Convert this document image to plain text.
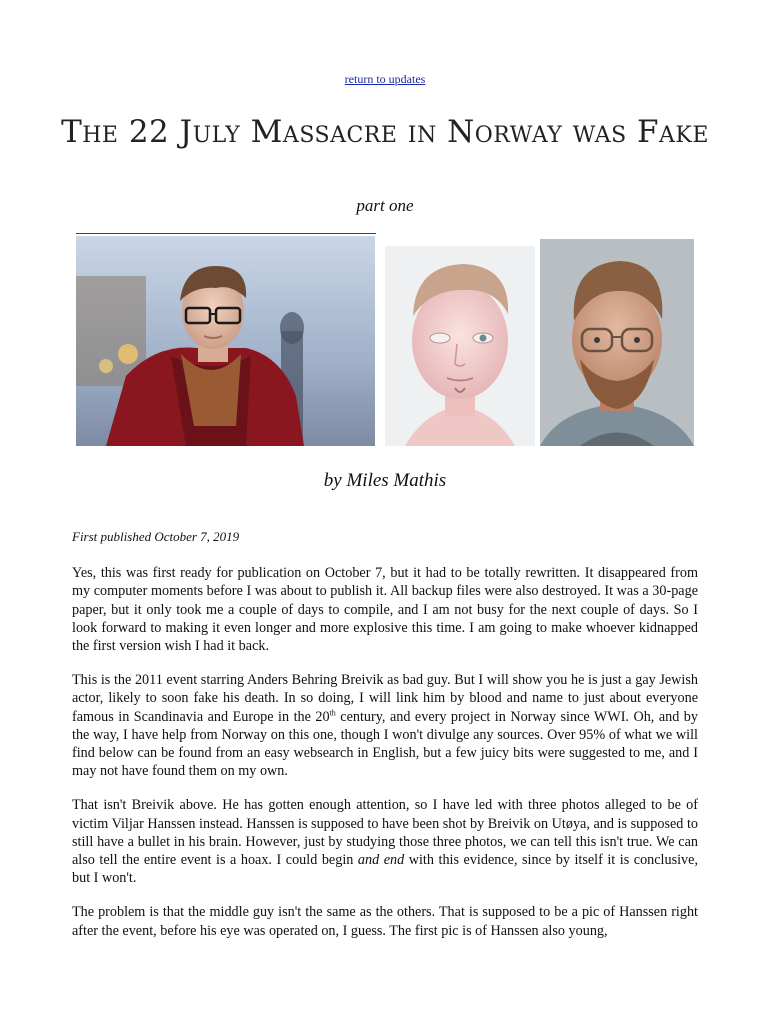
return to updates
The 22 July Massacre in Norway was Fake
part one
by Miles Mathis

First published October 7, 2019

Yes, this was first ready for publication on October 7, but it had to be totally rewritten. It disappeared from my computer moments before I was about to publish it. All backup files were also destroyed. It was a 30-page paper, but it only took me a couple of days to compile, and I am not busy for the next couple of days. So I look forward to making it even longer and more explosive this time. I am going to make whoever kidnapped the first version wish I had it back.

This is the 2011 event starring Anders Behring Breivik as bad guy. But I will show you he is just a gay Jewish actor, likely to soon fake his death. In so doing, I will link him by blood and name to just about everyone famous in Scandinavia and Europe in the 20th century, and every project in Norway since WWI. Oh, and by the way, I have help from Norway on this one, though I won't divulge any sources. Over 95% of what we will find below can be found from an easy websearch in English, but a few juicy bits were suggested to me, and I may not have found them on my own.

That isn't Breivik above. He has gotten enough attention, so I have led with three photos alleged to be of victim Viljar Hanssen instead. Hanssen is supposed to have been shot by Breivik on Utøya, and is supposed to still have a bullet in his brain. However, just by studying those three photos, we can tell this isn't true. We can also tell the entire event is a hoax. I could begin and end with this evidence, since by itself it is conclusive, but I won't.

The problem is that the middle guy isn't the same as the others. That is supposed to be a pic of Hanssen right after the event, before his eye was operated on, I guess. The first pic is of Hanssen also young,
